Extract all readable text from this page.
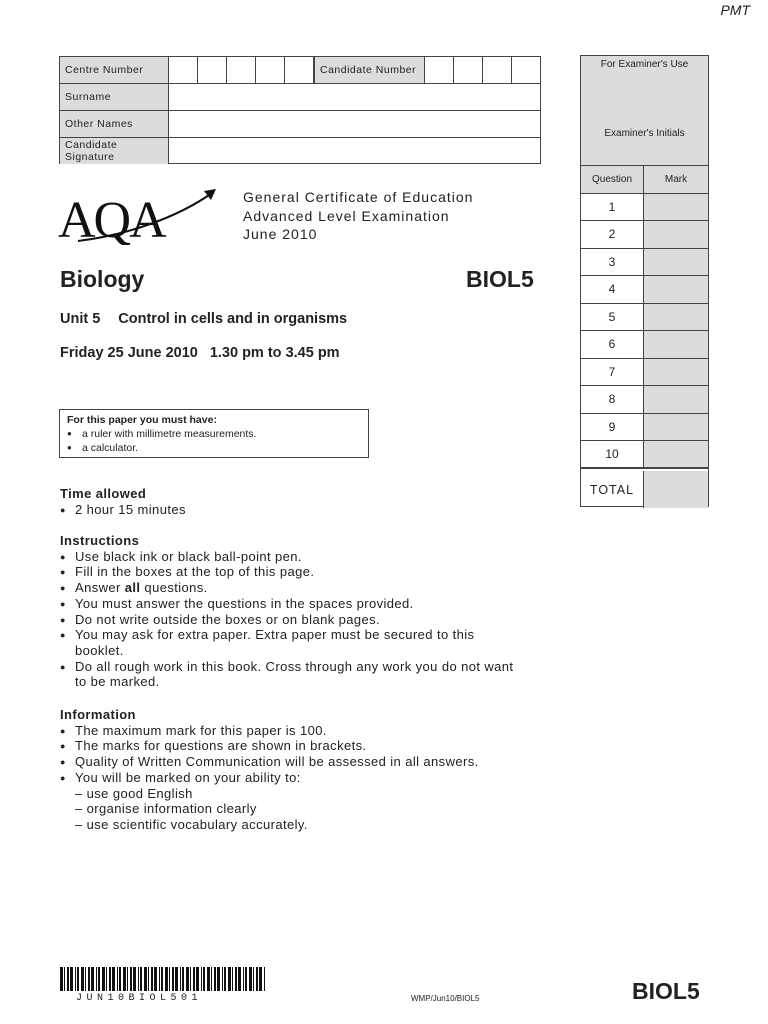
PMT
Centre Number	Candidate Number
Surname
Other Names
Candidate Signature
AQA	General Certificate of Education
Advanced Level Examination
June 2010
Biology	BIOL5
Unit 5 Control in cells and in organisms
Friday 25 June 2010 1.30 pm to 3.45 pm
For this paper you must have:
● a ruler with millimetre measurements.
● a calculator.
Time allowed
● 2 hour 15 minutes
Instructions
● Use black ink or black ball-point pen.
● Fill in the boxes at the top of this page.
● Answer all questions.
● You must answer the questions in the spaces provided.
● Do not write outside the boxes or on blank pages.
● You may ask for extra paper. Extra paper must be secured to this booklet.
● Do all rough work in this book. Cross through any work you do not want to be marked.
Information
● The maximum mark for this paper is 100.
● The marks for questions are shown in brackets.
● Quality of Written Communication will be assessed in all answers.
● You will be marked on your ability to:
– use good English
– organise information clearly
– use scientific vocabulary accurately.
For Examiner's Use
Examiner's Initials
Question	Mark
1
2
3
4
5
6
7
8
9
10
TOTAL
JUN10BIOL501	WMP/Jun10/BIOL5	BIOL5
